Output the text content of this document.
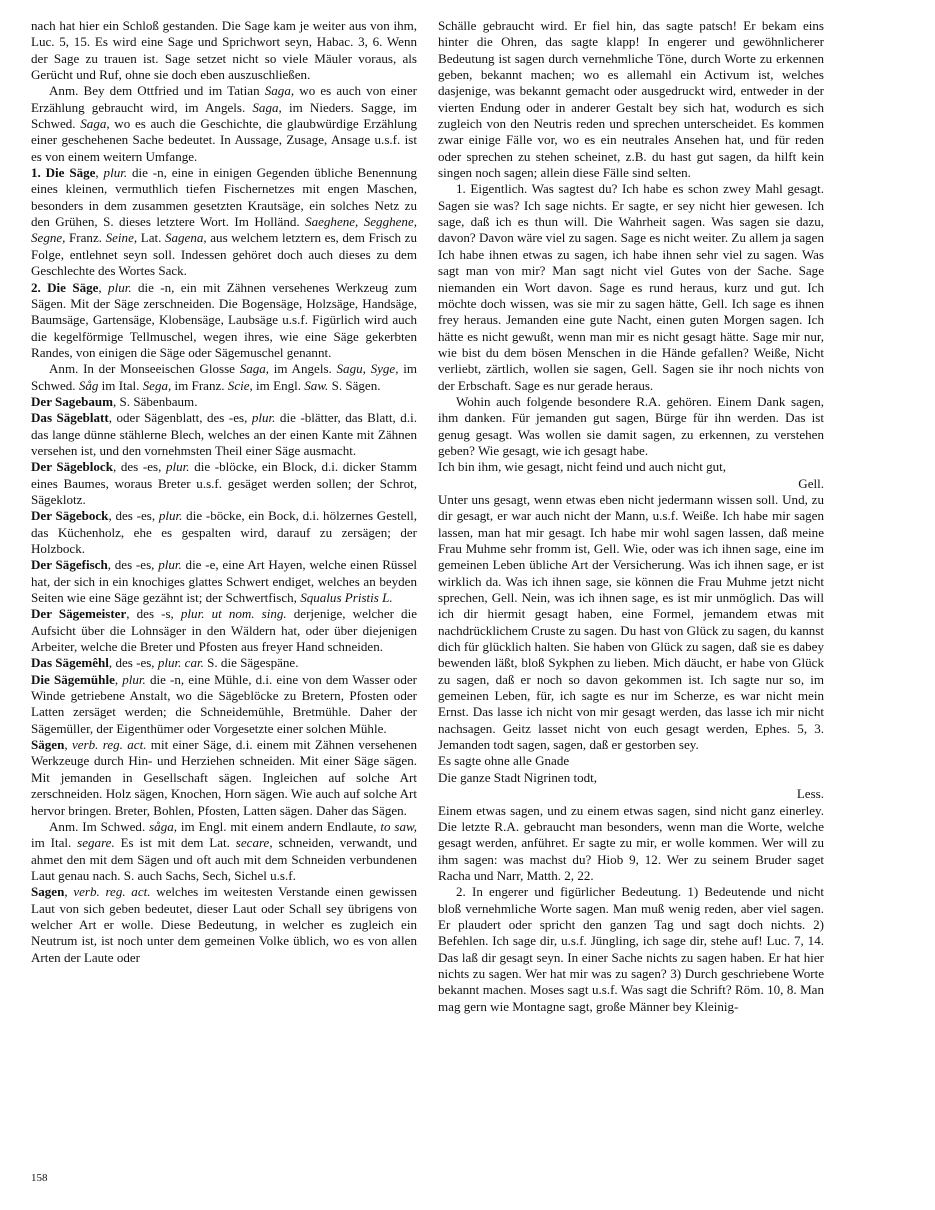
nach hat hier ein Schloß gestanden. Die Sage kam je weiter aus von ihm, Luc. 5, 15. Es wird eine Sage und Sprichwort seyn, Habac. 3, 6. Wenn der Sage zu trauen ist. Sage setzet nicht so viele Mäuler voraus, als Gerücht und Ruf, ohne sie doch eben auszuschließen.

Anm. Bey dem Ottfried und im Tatian Saga, wo es auch von einer Erzählung gebraucht wird, im Angels. Saga, im Nieders. Sagge, im Schwed. Saga, wo es auch die Geschichte, die glaubwürdige Erzählung einer geschehenen Sache bedeutet. In Aussage, Zusage, Ansage u.s.f. ist es von einem weitern Umfange.

1. Die Säge, plur. die -n, eine in einigen Gegenden übliche Benennung eines kleinen, vermuthlich tiefen Fischernetzes mit engen Maschen, besonders in dem zusammen gesetzten Krautsäge, ein solches Netz zu den Grühen, S. dieses letztere Wort. Im Holländ. Saeghene, Segghene, Segne, Franz. Seine, Lat. Sagena, aus welchem letztern es, dem Frisch zu Folge, entlehnet seyn soll. Indessen gehöret doch auch dieses zu dem Geschlechte des Wortes Sack.

2. Die Säge, plur. die -n, ein mit Zähnen versehenes Werkzeug zum Sägen. Mit der Säge zerschneiden. Die Bogensäge, Holzsäge, Handsäge, Baumsäge, Gartensäge, Klobensäge, Laubsäge u.s.f. Figürlich wird auch die kegelförmige Tellmuschel, wegen ihres, wie eine Säge gekerbten Randes, von einigen die Säge oder Sägemuschel genannt.

Anm. In der Monseeischen Glosse Saga, im Angels. Sagu, Syge, im Schwed. Såg im Ital. Sega, im Franz. Scie, im Engl. Saw. S. Sägen.

Der Sagebaum, S. Säbenbaum.

Das Sägeblatt, oder Sägenblatt, des -es, plur. die -blätter, das Blatt, d.i. das lange dünne stählerne Blech, welches an der einen Kante mit Zähnen versehen ist, und den vornehmsten Theil einer Säge ausmacht.

Der Sägeblock, des -es, plur. die -blöcke, ein Block, d.i. dicker Stamm eines Baumes, woraus Breter u.s.f. gesäget werden sollen; der Schrot, Sägeklotz.

Der Sägebock, des -es, plur. die -böcke, ein Bock, d.i. hölzernes Gestell, das Küchenholz, ehe es gespalten wird, darauf zu zersägen; der Holzbock.

Der Sägefisch, des -es, plur. die -e, eine Art Hayen, welche einen Rüssel hat, der sich in ein knochiges glattes Schwert endiget, welches an beyden Seiten wie eine Säge gezähnt ist; der Schwertfisch, Squalus Pristis L.

Der Sägemeister, des -s, plur. ut nom. sing. derjenige, welcher die Aufsicht über die Lohnsäger in den Wäldern hat, oder über diejenigen Arbeiter, welche die Breter und Pfosten aus freyer Hand schneiden.

Das Sägemêhl, des -es, plur. car. S. die Sägespäne.

Die Sägemühle, plur. die -n, eine Mühle, d.i. eine von dem Wasser oder Winde getriebene Anstalt, wo die Sägeblöcke zu Bretern, Pfosten oder Latten zersäget werden; die Schneidemühle, Bretmühle. Daher der Sägemüller, der Eigenthümer oder Vorgesetzte einer solchen Mühle.

Sägen, verb. reg. act. mit einer Säge, d.i. einem mit Zähnen versehenen Werkzeuge durch Hin- und Herziehen schneiden. Mit einer Säge sägen. Mit jemanden in Gesellschaft sägen. Ingleichen auf solche Art zerschneiden. Holz sägen, Knochen, Horn sägen. Wie auch auf solche Art hervor bringen. Breter, Bohlen, Pfosten, Latten sägen. Daher das Sägen.

Anm. Im Schwed. såga, im Engl. mit einem andern Endlaute, to saw, im Ital. segare. Es ist mit dem Lat. secare, schneiden, verwandt, und ahmet den mit dem Sägen und oft auch mit dem Schneiden verbundenen Laut genau nach. S. auch Sachs, Sech, Sichel u.s.f.

Sagen, verb. reg. act. welches im weitesten Verstande einen gewissen Laut von sich geben bedeutet, dieser Laut oder Schall sey übrigens von welcher Art er wolle. Diese Bedeutung, in welcher es zugleich ein Neutrum ist, ist noch unter dem gemeinen Volke üblich, wo es von allen Arten der Laute oder

Schälle gebraucht wird. Er fiel hin, das sagte patsch! Er bekam eins hinter die Ohren, das sagte klapp! In engerer und gewöhnlicherer Bedeutung ist sagen durch vernehmliche Töne, durch Worte zu erkennen geben, bekannt machen; wo es allemahl ein Activum ist, welches dasjenige, was bekannt gemacht oder ausgedruckt wird, entweder in der vierten Endung oder in anderer Gestalt bey sich hat, wodurch es sich zugleich von den Neutris reden und sprechen unterscheidet. Es kommen zwar einige Fälle vor, wo es ein neutrales Ansehen hat, und für reden oder sprechen zu stehen scheinet, z.B. du hast gut sagen, da hilft kein singen noch sagen; allein diese Fälle sind selten.

1. Eigentlich. Was sagtest du? Ich habe es schon zwey Mahl gesagt. Sagen sie was? Ich sage nichts. Er sagte, er sey nicht hier gewesen. Ich sage, daß ich es thun will. Die Wahrheit sagen. Was sagen sie dazu, davon? Davon wäre viel zu sagen. Sage es nicht weiter. Zu allem ja sagen Ich habe ihnen etwas zu sagen, ich habe ihnen sehr viel zu sagen. Was sagt man von mir? Man sagt nicht viel Gutes von der Sache. Sage niemanden ein Wort davon. Sage es rund heraus, kurz und gut. Ich möchte doch wissen, was sie mir zu sagen hätte, Gell. Ich sage es ihnen frey heraus. Jemanden eine gute Nacht, einen guten Morgen sagen. Ich hätte es nicht gewußt, wenn man mir es nicht gesagt hätte. Sage mir nur, wie bist du dem bösen Menschen in die Hände gefallen? Weiße, Nicht verliebt, zärtlich, wollen sie sagen, Gell. Sagen sie ihr noch nichts von der Erbschaft. Sage es nur gerade heraus.

Wohin auch folgende besondere R.A. gehören. Einem Dank sagen, ihm danken. Für jemanden gut sagen, Bürge für ihn werden. Das ist genug gesagt. Was wollen sie damit sagen, zu erkennen, zu verstehen geben? Wie gesagt, wie ich gesagt habe.

Ich bin ihm, wie gesagt, nicht feind und auch nicht gut,

Gell.

Unter uns gesagt, wenn etwas eben nicht jedermann wissen soll. Und, zu dir gesagt, er war auch nicht der Mann, u.s.f. Weiße. Ich habe mir sagen lassen, man hat mir gesagt. Ich habe mir wohl sagen lassen, daß meine Frau Muhme sehr fromm ist, Gell. Wie, oder was ich ihnen sage, eine im gemeinen Leben übliche Art der Versicherung. Was ich ihnen sage, er ist wirklich da. Was ich ihnen sage, sie können die Frau Muhme jetzt nicht sprechen, Gell. Nein, was ich ihnen sage, es ist mir unmöglich. Das will ich dir hiermit gesagt haben, eine Formel, jemandem etwas mit nachdrücklichem Cruste zu sagen. Du hast von Glück zu sagen, du kannst dich für glücklich halten. Sie haben von Glück zu sagen, daß sie es dabey bewenden läßt, bloß Sykphen zu lieben. Mich däucht, er habe von Glück zu sagen, daß er noch so davon gekommen ist. Ich sagte nur so, im gemeinen Leben, für, ich sagte es nur im Scherze, es war nicht mein Ernst. Das lasse ich nicht von mir gesagt werden, das lasse ich mir nicht nachsagen. Geitz lasset nicht von euch gesagt werden, Ephes. 5, 3. Jemanden todt sagen, sagen, daß er gestorben sey.

Es sagte ohne alle Gnade

Die ganze Stadt Nigrinen todt,

Less.

Einem etwas sagen, und zu einem etwas sagen, sind nicht ganz einerley. Die letzte R.A. gebraucht man besonders, wenn man die Worte, welche gesagt werden, anführet. Er sagte zu mir, er wolle kommen. Wer will zu ihm sagen: was machst du? Hiob 9, 12. Wer zu seinem Bruder saget Racha und Narr, Matth. 2, 22.

2. In engerer und figürlicher Bedeutung. 1) Bedeutende und nicht bloß vernehmliche Worte sagen. Man muß wenig reden, aber viel sagen. Er plaudert oder spricht den ganzen Tag und sagt doch nichts. 2) Befehlen. Ich sage dir, u.s.f. Jüngling, ich sage dir, stehe auf! Luc. 7, 14. Das laß dir gesagt seyn. In einer Sache nichts zu sagen haben. Er hat hier nichts zu sagen. Wer hat mir was zu sagen? 3) Durch geschriebene Worte bekannt machen. Moses sagt u.s.f. Was sagt die Schrift? Röm. 10, 8. Man mag gern wie Montagne sagt, große Männer bey Kleinig-

158
